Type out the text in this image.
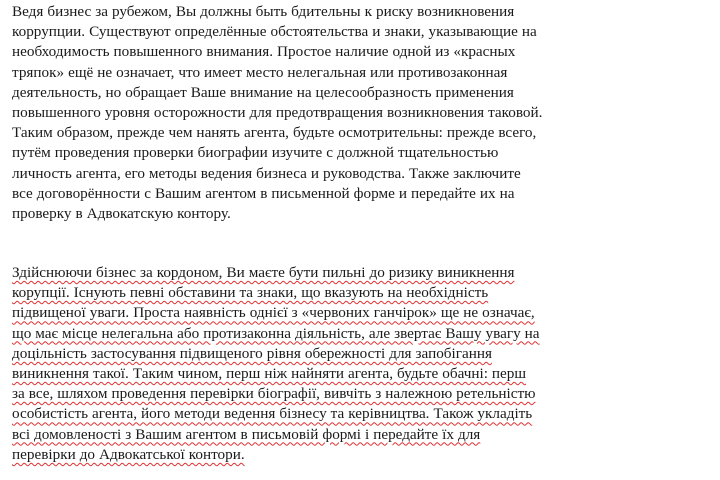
Ведя бизнес за рубежом, Вы должны быть бдительны к риску возникновения
коррупции. Существуют определённые обстоятельства и знаки, указывающие на
необходимость повышенного внимания. Простое наличие одной из «красных
тряпок» ещё не означает, что имеет место нелегальная или противозаконная
деятельность, но обращает Ваше внимание на целесообразность применения
повышенного уровня осторожности для предотвращения возникновения таковой.
Таким образом, прежде чем нанять агента, будьте осмотрительны: прежде всего,
путём проведения проверки биографии изучите с должной тщательностью
личность агента, его методы ведения бизнеса и руководства. Также заключите
все договорённости с Вашим агентом в письменной форме и передайте их на
проверку в Адвокатскую контору.

Здійснюючи бізнес за кордоном, Ви маєте бути пильні до ризику виникнення
корупції. Існують певні обставини та знаки, що вказують на необхідність
підвищеної уваги. Проста наявність однієї з «червоних ганчірок» ще не означає,
що має місце нелегальна або протизаконна діяльність, але звертає Вашу увагу на
доцільність застосування підвищеного рівня обережності для запобігання
виникнення такої. Таким чином, перш ніж найняти агента, будьте обачні: перш
за все, шляхом проведення перевірки біографії, вивчіть з належною ретельністю
особистість агента, його методи ведення бізнесу та керівництва. Також укладіть
всі домовленості з Вашим агентом в письмовій формі і передайте їх для
перевірки до Адвокатської контори.
